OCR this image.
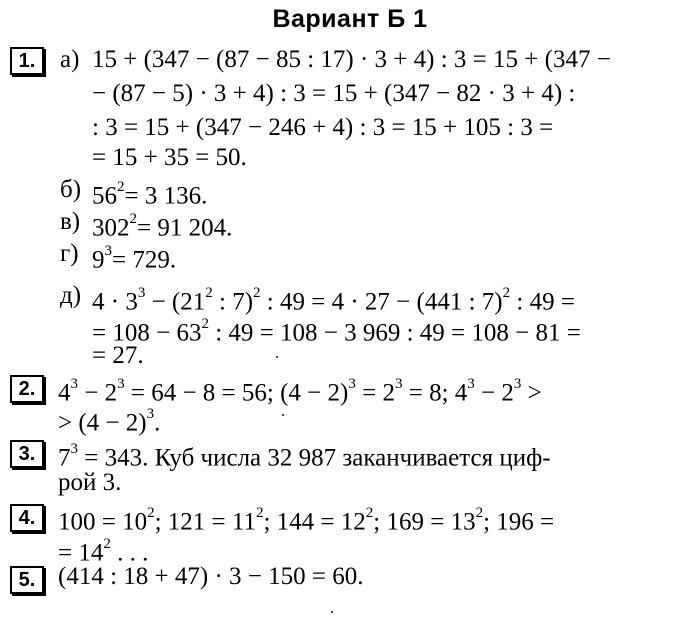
Вариант Б 1
1. а) 15 + (347 − (87 − 85 : 17) · 3 + 4) : 3 = 15 + (347 −
− (87 − 5) · 3 + 4) : 3 = 15 + (347 − 82 · 3 + 4) :
: 3 = 15 + (347 − 246 + 4) : 3 = 15 + 105 : 3 =
= 15 + 35 = 50.
б) $56^2= 3$ 136.
в) $302^2= 91$ 204.
г) $9^3= 729$.
д) $4 \cdot 3^3 - (21^2$ : 7)$^2$ : 49 = 4 · 27 − (441 : 7)$^2$ : 49 =
= $108 - 63^2$ : 49 = 108 − 3 969 : 49 = 108 − 81 =
= 27.
2. $4^3 - 2^3 = 64 - 8 = 56$; $(4 - 2)^3 = 2^3 = 8$; $4^3 - 2^3$ >
> $(4 - 2)^3$.
3. $7^3 = 343$. Куб числа 32 987 заканчивается циф-
рой 3.
4. $100 = 10^2$; $121 = 11^2$; $144 = 12^2$; $169 = 13^2$; 196 =
= $14^2$ . . .
5. (414 : 18 + 47) · 3 − 150 = 60.
